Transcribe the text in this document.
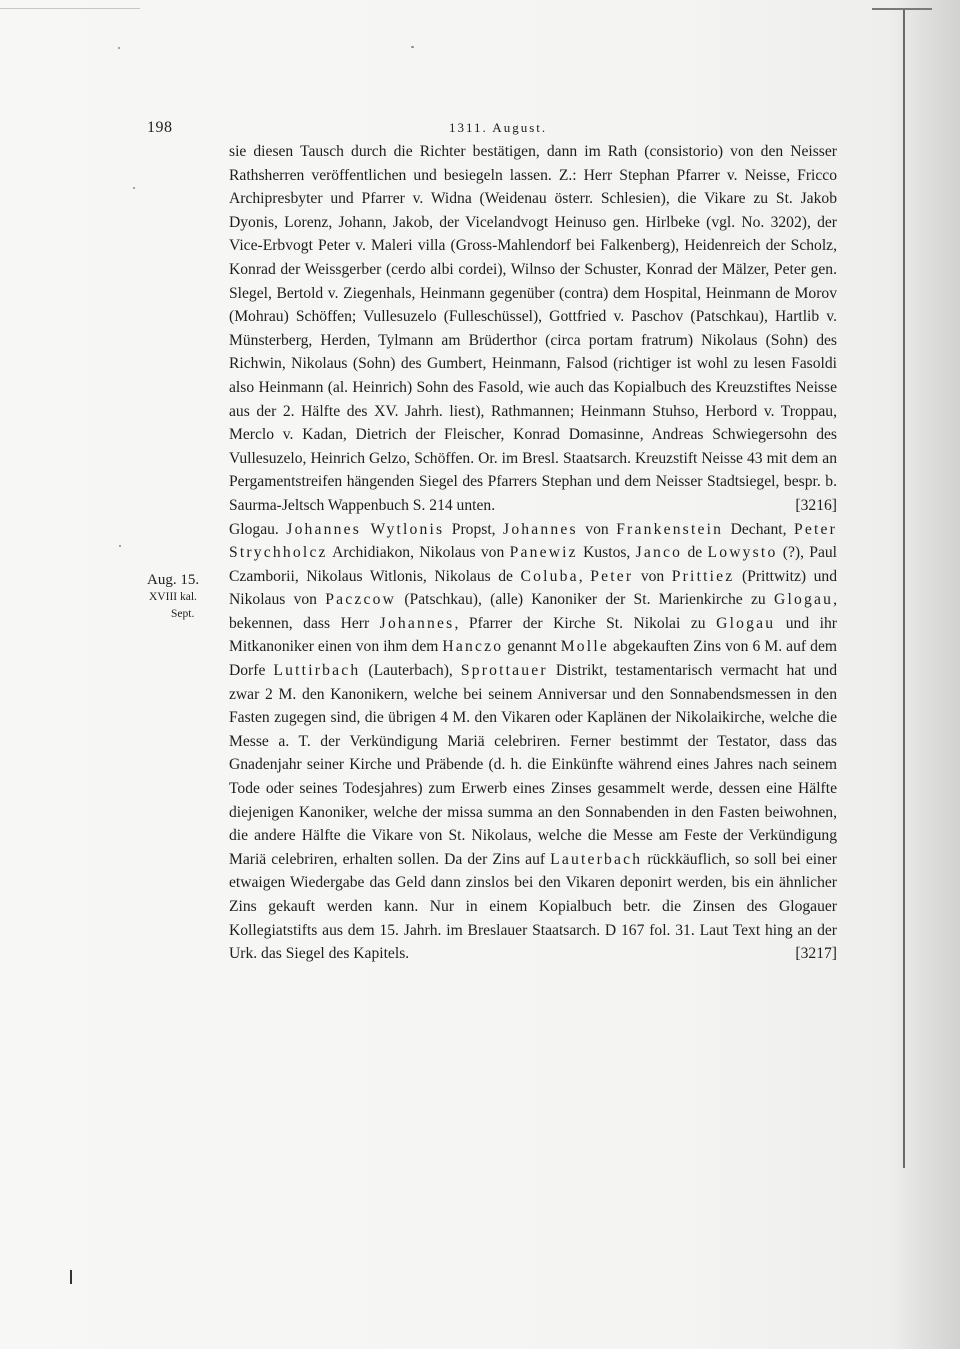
198	1311. August.
Aug. 15.
XVIII kal.
Sept.

sie diesen Tausch durch die Richter bestätigen, dann im Rath (consistorio) von den Neisser Rathsherren veröffentlichen und besiegeln lassen. Z.: Herr Stephan Pfarrer v. Neisse, Fricco Archipresbyter und Pfarrer v. Widna (Weidenau österr. Schlesien), die Vikare zu St. Jakob Dyonis, Lorenz, Johann, Jakob, der Vicelandvogt Heinuso gen. Hirlbeke (vgl. No. 3202), der Vice-Erbvogt Peter v. Maleri villa (Gross-Mahlendorf bei Falkenberg), Heidenreich der Scholz, Konrad der Weissgerber (cerdo albi cordei), Wilnso der Schuster, Konrad der Mälzer, Peter gen. Slegel, Bertold v. Ziegenhals, Heinmann gegenüber (contra) dem Hospital, Heinmann de Morov (Mohrau) Schöffen; Vullesuzelo (Fulleschüssel), Gottfried v. Paschov (Patschkau), Hartlib v. Münsterberg, Herden, Tylmann am Brüderthor (circa portam fratrum) Nikolaus (Sohn) des Richwin, Nikolaus (Sohn) des Gumbert, Heinmann, Falsod (richtiger ist wohl zu lesen Fasoldi also Heinmann (al. Heinrich) Sohn des Fasold, wie auch das Kopialbuch des Kreuzstiftes Neisse aus der 2. Hälfte des XV. Jahrh. liest), Rathmannen; Heinmann Stuhso, Herbord v. Troppau, Merclo v. Kadan, Dietrich der Fleischer, Konrad Domasinne, Andreas Schwiegersohn des Vullesuzelo, Heinrich Gelzo, Schöffen. Or. im Bresl. Staatsarch. Kreuzstift Neisse 43 mit dem an Pergamentstreifen hängenden Siegel des Pfarrers Stephan und dem Neisser Stadtsiegel, bespr. b. Saurma-Jeltsch Wappenbuch S. 214 unten.	[3216]

Glogau. Johannes Wytlonis Propst, Johannes von Frankenstein Dechant, Peter Strychholcz Archidiakon, Nikolaus von Panewiz Kustos, Janco de Lowysto (?), Paul Czamborii, Nikolaus Witlonis, Nikolaus de Coluba, Peter von Prittiez (Prittwitz) und Nikolaus von Paczcow (Patschkau), (alle) Kanoniker der St. Marienkirche zu Glogau, bekennen, dass Herr Johannes, Pfarrer der Kirche St. Nikolai zu Glogau und ihr Mitkanoniker einen von ihm dem Hanczo genannt Molle abgekauften Zins von 6 M. auf dem Dorfe Luttirbach (Lauterbach), Sprottauer Distrikt, testamentarisch vermacht hat und zwar 2 M. den Kanonikern, welche bei seinem Anniversar und den Sonnabendsmessen in den Fasten zugegen sind, die übrigen 4 M. den Vikaren oder Kaplänen der Nikolaikirche, welche die Messe a. T. der Verkündigung Mariä celebriren. Ferner bestimmt der Testator, dass das Gnadenjahr seiner Kirche und Präbende (d. h. die Einkünfte während eines Jahres nach seinem Tode oder seines Todesjahres) zum Erwerb eines Zinses gesammelt werde, dessen eine Hälfte diejenigen Kanoniker, welche der missa summa an den Sonnabenden in den Fasten beiwohnen, die andere Hälfte die Vikare von St. Nikolaus, welche die Messe am Feste der Verkündigung Mariä celebriren, erhalten sollen. Da der Zins auf Lauterbach rückkäuflich, so soll bei einer etwaigen Wiedergabe das Geld dann zinslos bei den Vikaren deponirt werden, bis ein ähnlicher Zins gekauft werden kann. Nur in einem Kopialbuch betr. die Zinsen des Glogauer Kollegiatstifts aus dem 15. Jahrh. im Breslauer Staatsarch. D 167 fol. 31. Laut Text hing an der Urk. das Siegel des Kapitels.	[3217]
